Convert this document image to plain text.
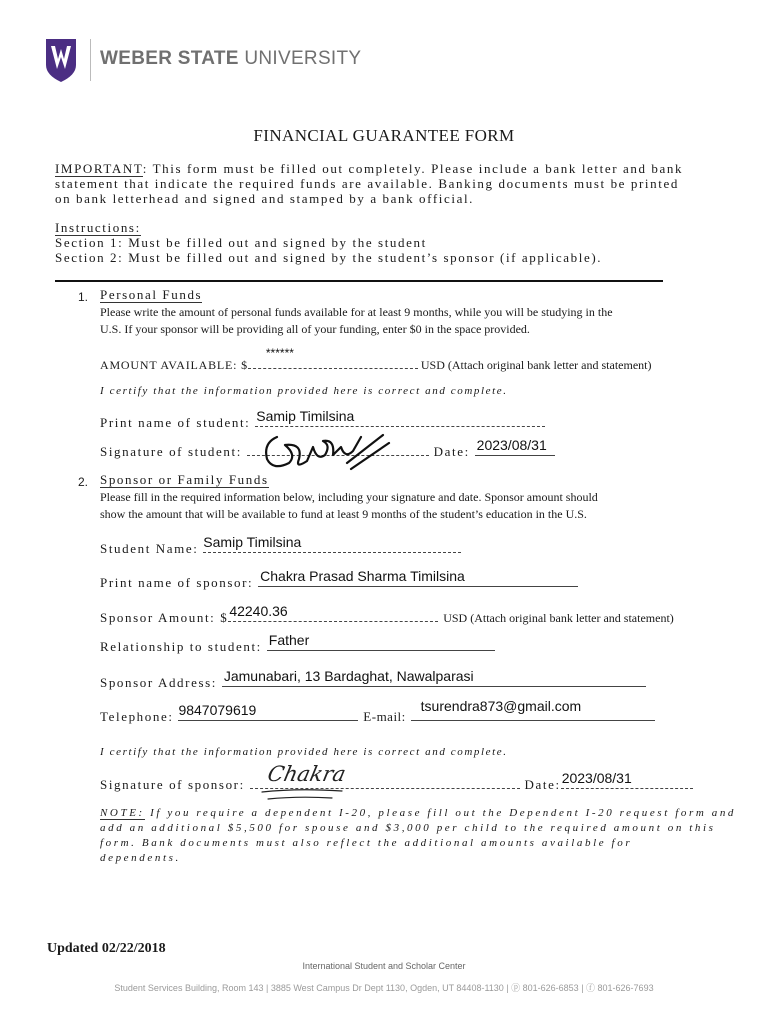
WEBER STATE UNIVERSITY
FINANCIAL GUARANTEE FORM
IMPORTANT: This form must be filled out completely. Please include a bank letter and bank
statement that indicate the required funds are available. Banking documents must be printed
on bank letterhead and signed and stamped by a bank official.
Instructions:
Section 1: Must be filled out and signed by the student
Section 2: Must be filled out and signed by the student’s sponsor (if applicable).
1. Personal Funds
Please write the amount of personal funds available for at least 9 months, while you will be studying in the
U.S. If your sponsor will be providing all of your funding, enter $0 in the space provided.
AMOUNT AVAILABLE: $
******
USD (Attach original bank letter and statement)
I certify that the information provided here is correct and complete.
Print name of student: Samip Timilsina
Signature of student:	Date: 2023/08/31
2. Sponsor or Family Funds
Please fill in the required information below, including your signature and date. Sponsor amount should
show the amount that will be available to fund at least 9 months of the student’s education in the U.S.
Student Name: Samip Timilsina
Print name of sponsor: Chakra Prasad Sharma Timilsina
Sponsor Amount: $ 42240.36	USD (Attach original bank letter and statement)
Relationship to student: Father
Sponsor Address: Jamunabari, 13 Bardaghat, Nawalparasi
Telephone: 9847079619	E-mail:
tsurendra873@gmail.com
I certify that the information provided here is correct and complete.
Signature of sponsor: Chakra	Date: 2023/08/31
NOTE: If you require a dependent I-20, please fill out the Dependent I-20 request form and
add an additional $5,500 for spouse and $3,000 per child to the required amount on this
form. Bank documents must also reflect the additional amounts available for
dependents.
Updated 02/22/2018
International Student and Scholar Center
Student Services Building, Room 143 | 3885 West Campus Dr Dept 1130, Ogden, UT 84408-1130 | ⓟ 801-626-6853 | ⓕ 801-626-7693
